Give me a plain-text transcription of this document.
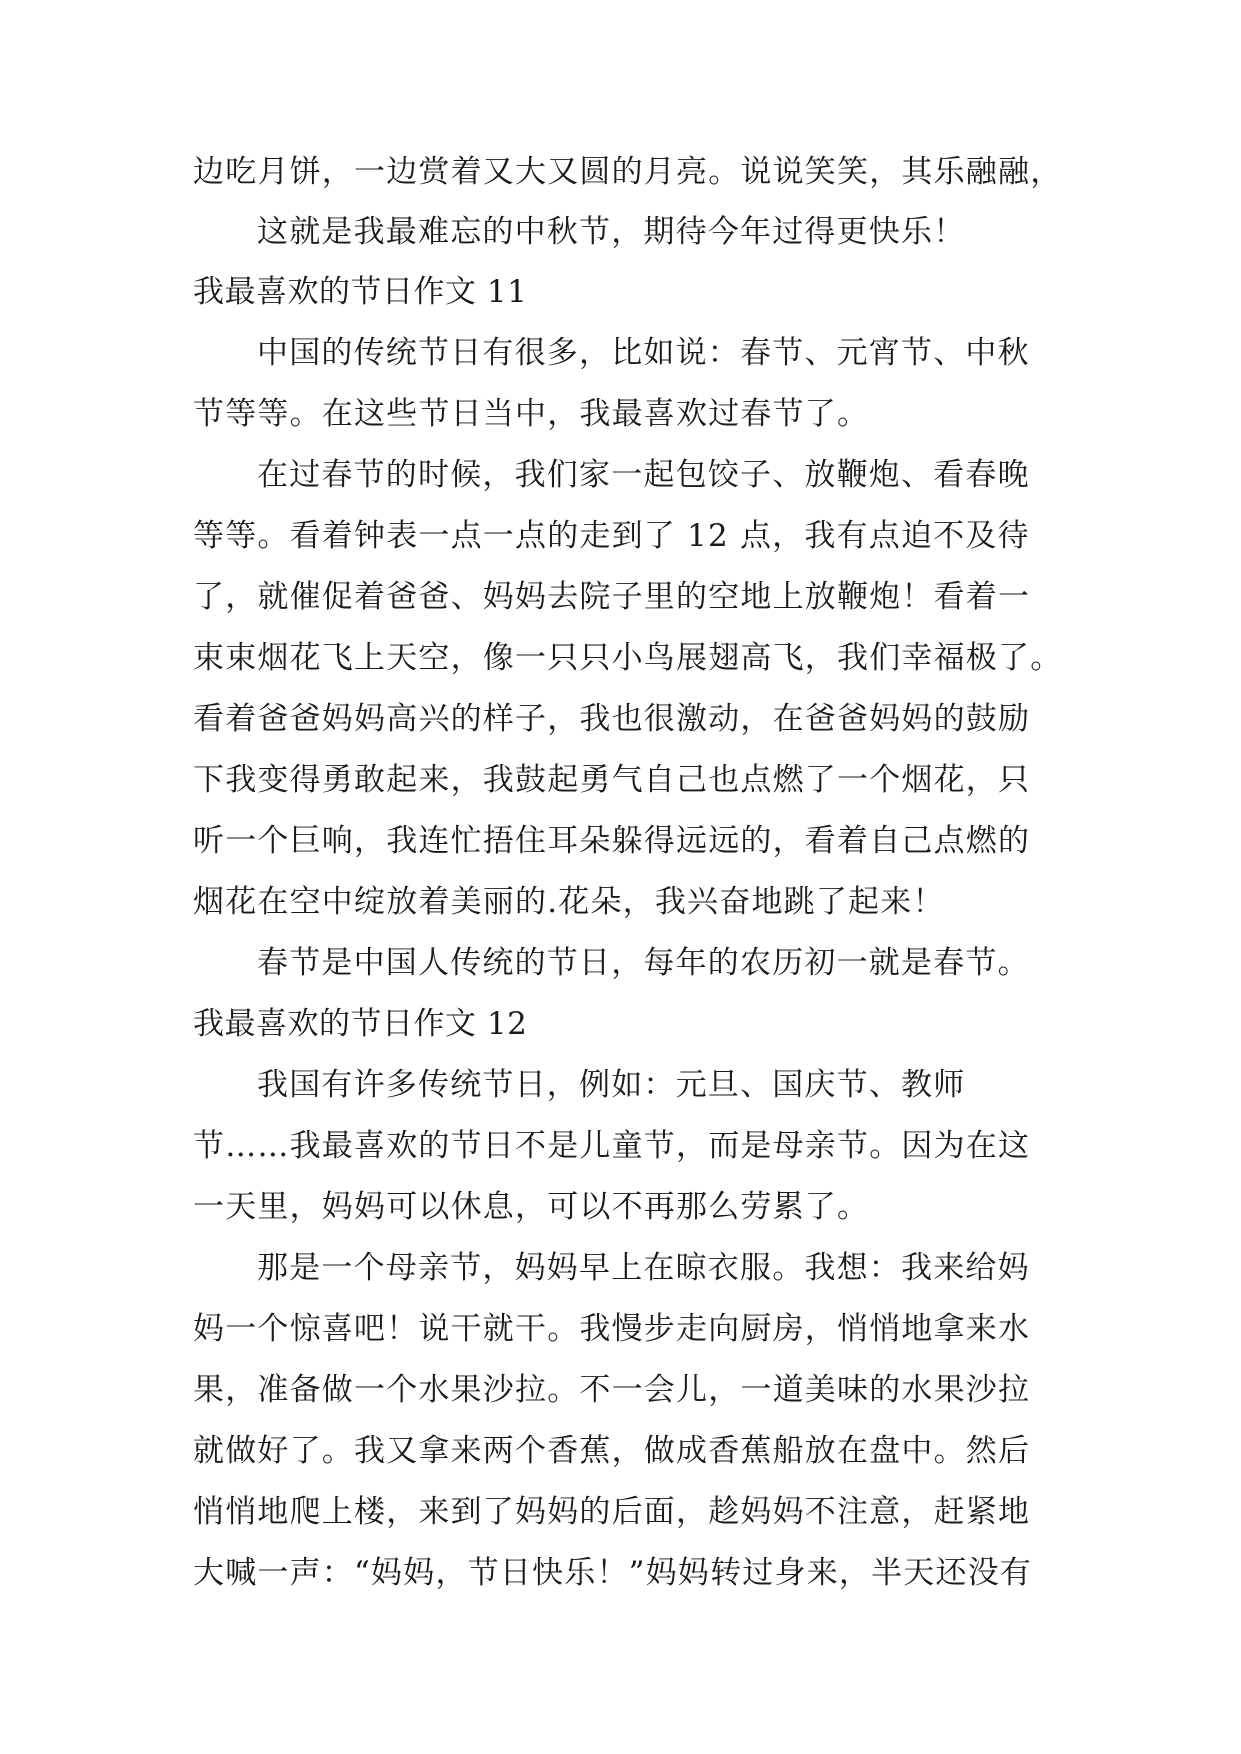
边吃月饼，一边赏着又大又圆的月亮。说说笑笑，其乐融融，
这就是我最难忘的中秋节，期待今年过得更快乐！
我最喜欢的节日作文 11
中国的传统节日有很多，比如说：春节、元宵节、中秋
节等等。在这些节日当中，我最喜欢过春节了。
在过春节的时候，我们家一起包饺子、放鞭炮、看春晚
等等。看着钟表一点一点的走到了 12 点，我有点迫不及待
了，就催促着爸爸、妈妈去院子里的空地上放鞭炮！看着一
束束烟花飞上天空，像一只只小鸟展翅高飞，我们幸福极了。
看着爸爸妈妈高兴的样子，我也很激动，在爸爸妈妈的鼓励
下我变得勇敢起来，我鼓起勇气自己也点燃了一个烟花，只
听一个巨响，我连忙捂住耳朵躲得远远的，看着自己点燃的
烟花在空中绽放着美丽的.花朵，我兴奋地跳了起来！
春节是中国人传统的节日，每年的农历初一就是春节。
我最喜欢的节日作文 12
我国有许多传统节日，例如：元旦、国庆节、教师
节……我最喜欢的节日不是儿童节，而是母亲节。因为在这
一天里，妈妈可以休息，可以不再那么劳累了。
那是一个母亲节，妈妈早上在晾衣服。我想：我来给妈
妈一个惊喜吧！说干就干。我慢步走向厨房，悄悄地拿来水
果，准备做一个水果沙拉。不一会儿，一道美味的水果沙拉
就做好了。我又拿来两个香蕉，做成香蕉船放在盘中。然后
悄悄地爬上楼，来到了妈妈的后面，趁妈妈不注意，赶紧地
大喊一声：“妈妈，节日快乐！”妈妈转过身来，半天还没有
